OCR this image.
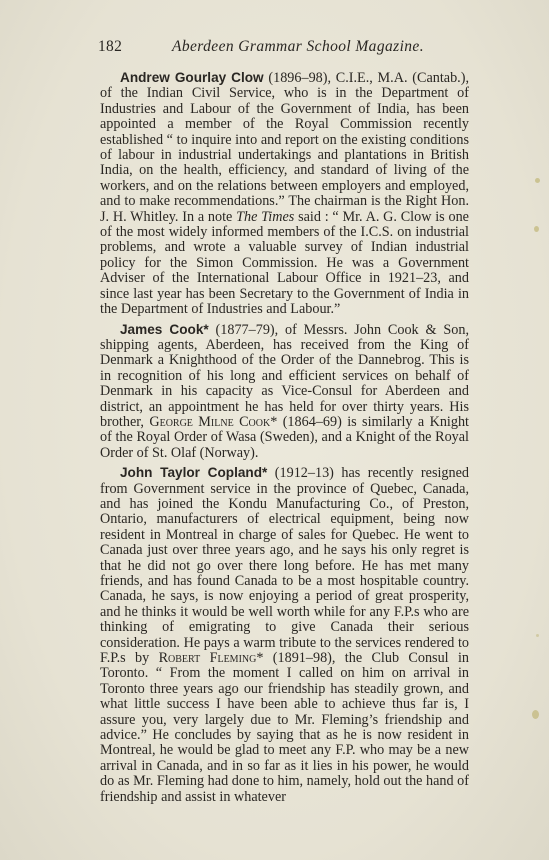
182	Aberdeen Grammar School Magazine.

Andrew Gourlay Clow (1896–98), C.I.E., M.A. (Cantab.), of the Indian Civil Service, who is in the Department of Industries and Labour of the Government of India, has been appointed a member of the Royal Commission recently established “ to inquire into and report on the existing conditions of labour in industrial undertakings and plantations in British India, on the health, efficiency, and standard of living of the workers, and on the relations between employers and employed, and to make recommendations.” The chairman is the Right Hon. J. H. Whitley. In a note The Times said : “ Mr. A. G. Clow is one of the most widely informed members of the I.C.S. on industrial problems, and wrote a valuable survey of Indian industrial policy for the Simon Commission. He was a Government Adviser of the International Labour Office in 1921–23, and since last year has been Secretary to the Government of India in the Department of Industries and Labour.”

James Cook* (1877–79), of Messrs. John Cook & Son, shipping agents, Aberdeen, has received from the King of Denmark a Knighthood of the Order of the Dannebrog. This is in recognition of his long and efficient services on behalf of Denmark in his capacity as Vice-Consul for Aberdeen and district, an appointment he has held for over thirty years. His brother, George Milne Cook* (1864–69) is similarly a Knight of the Royal Order of Wasa (Sweden), and a Knight of the Royal Order of St. Olaf (Norway).

John Taylor Copland* (1912–13) has recently resigned from Government service in the province of Quebec, Canada, and has joined the Kondu Manufacturing Co., of Preston, Ontario, manufacturers of electrical equipment, being now resident in Montreal in charge of sales for Quebec. He went to Canada just over three years ago, and he says his only regret is that he did not go over there long before. He has met many friends, and has found Canada to be a most hospitable country. Canada, he says, is now enjoying a period of great prosperity, and he thinks it would be well worth while for any F.P.s who are thinking of emigrating to give Canada their serious consideration. He pays a warm tribute to the services rendered to F.P.s by Robert Fleming* (1891–98), the Club Consul in Toronto. “ From the moment I called on him on arrival in Toronto three years ago our friendship has steadily grown, and what little success I have been able to achieve thus far is, I assure you, very largely due to Mr. Fleming’s friendship and advice.” He concludes by saying that as he is now resident in Montreal, he would be glad to meet any F.P. who may be a new arrival in Canada, and in so far as it lies in his power, he would do as Mr. Fleming had done to him, namely, hold out the hand of friendship and assist in whatever
